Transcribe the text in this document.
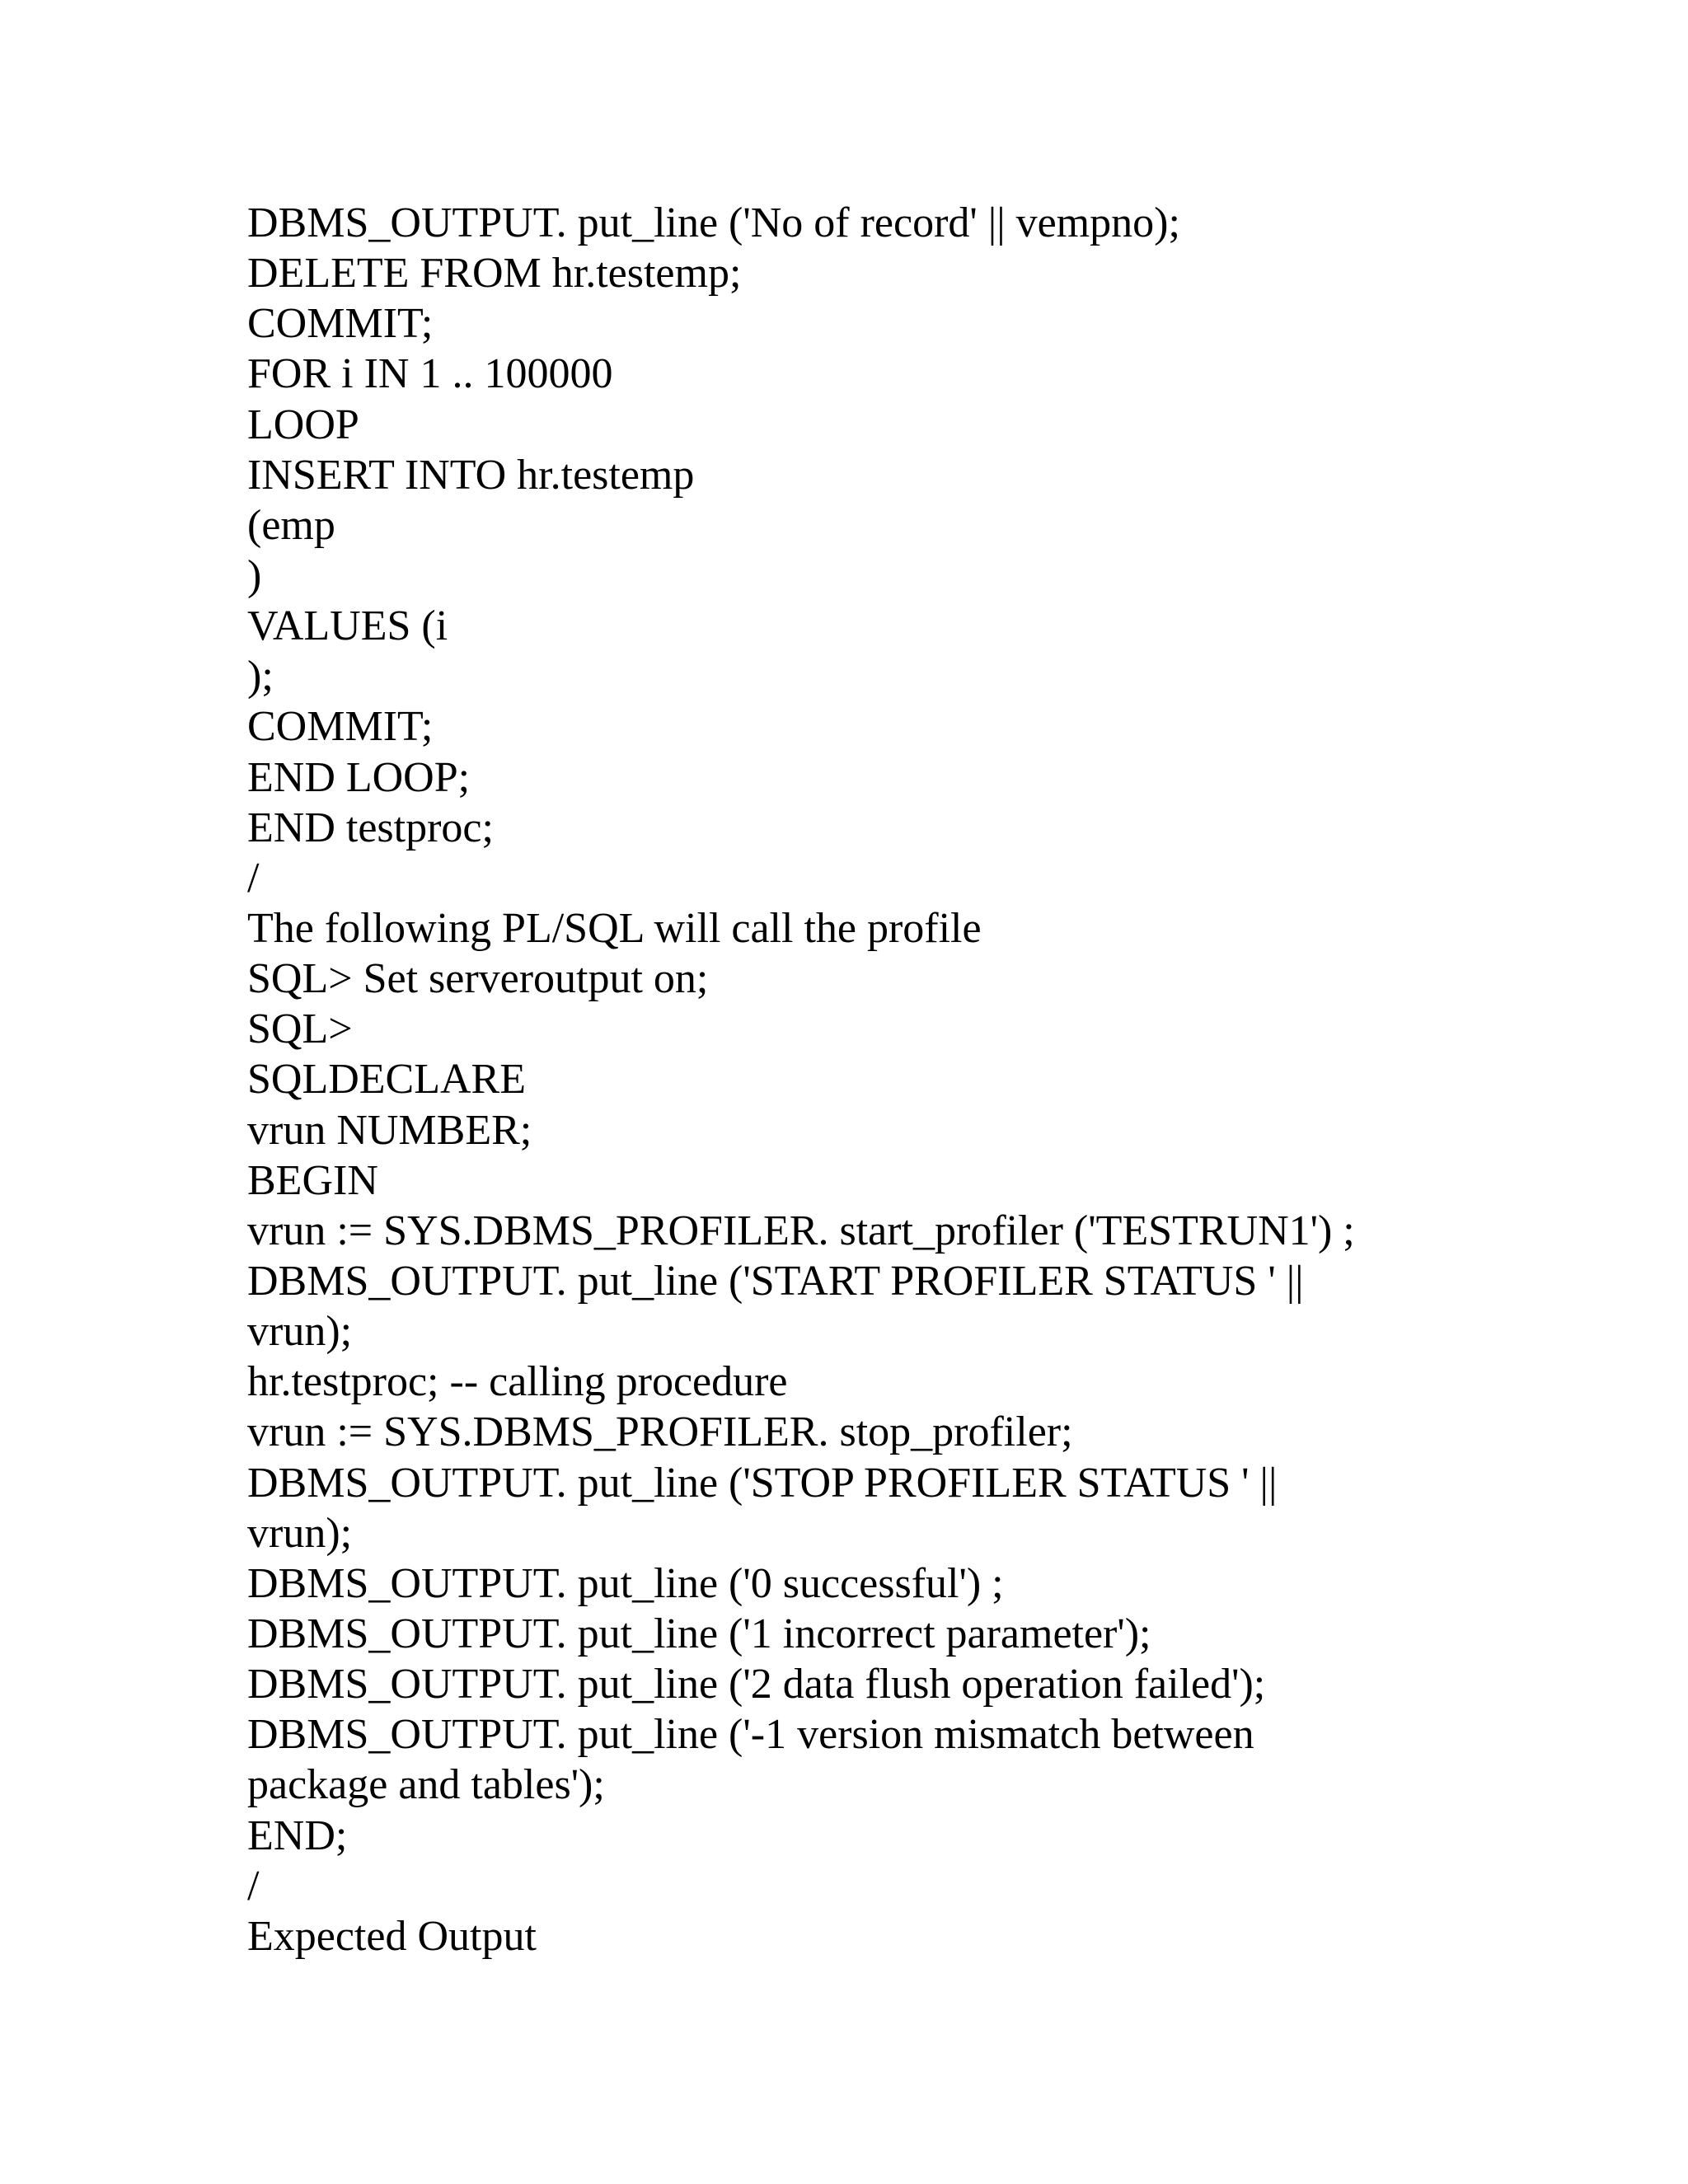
DBMS_OUTPUT. put_line ('No of record' || vempno);
DELETE FROM hr.testemp;
COMMIT;
FOR i IN 1 .. 100000
LOOP
INSERT INTO hr.testemp
(emp
)
VALUES (i
);
COMMIT;
END LOOP;
END testproc;
/
The following PL/SQL will call the profile
SQL> Set serveroutput on;
SQL>
SQLDECLARE
vrun NUMBER;
BEGIN
vrun := SYS.DBMS_PROFILER. start_profiler ('TESTRUN1') ;
DBMS_OUTPUT. put_line ('START PROFILER STATUS ' ||
vrun);
hr.testproc; -- calling procedure
vrun := SYS.DBMS_PROFILER. stop_profiler;
DBMS_OUTPUT. put_line ('STOP PROFILER STATUS ' ||
vrun);
DBMS_OUTPUT. put_line ('0 successful') ;
DBMS_OUTPUT. put_line ('1 incorrect parameter');
DBMS_OUTPUT. put_line ('2 data flush operation failed');
DBMS_OUTPUT. put_line ('-1 version mismatch between
package and tables');
END;
/
Expected Output
